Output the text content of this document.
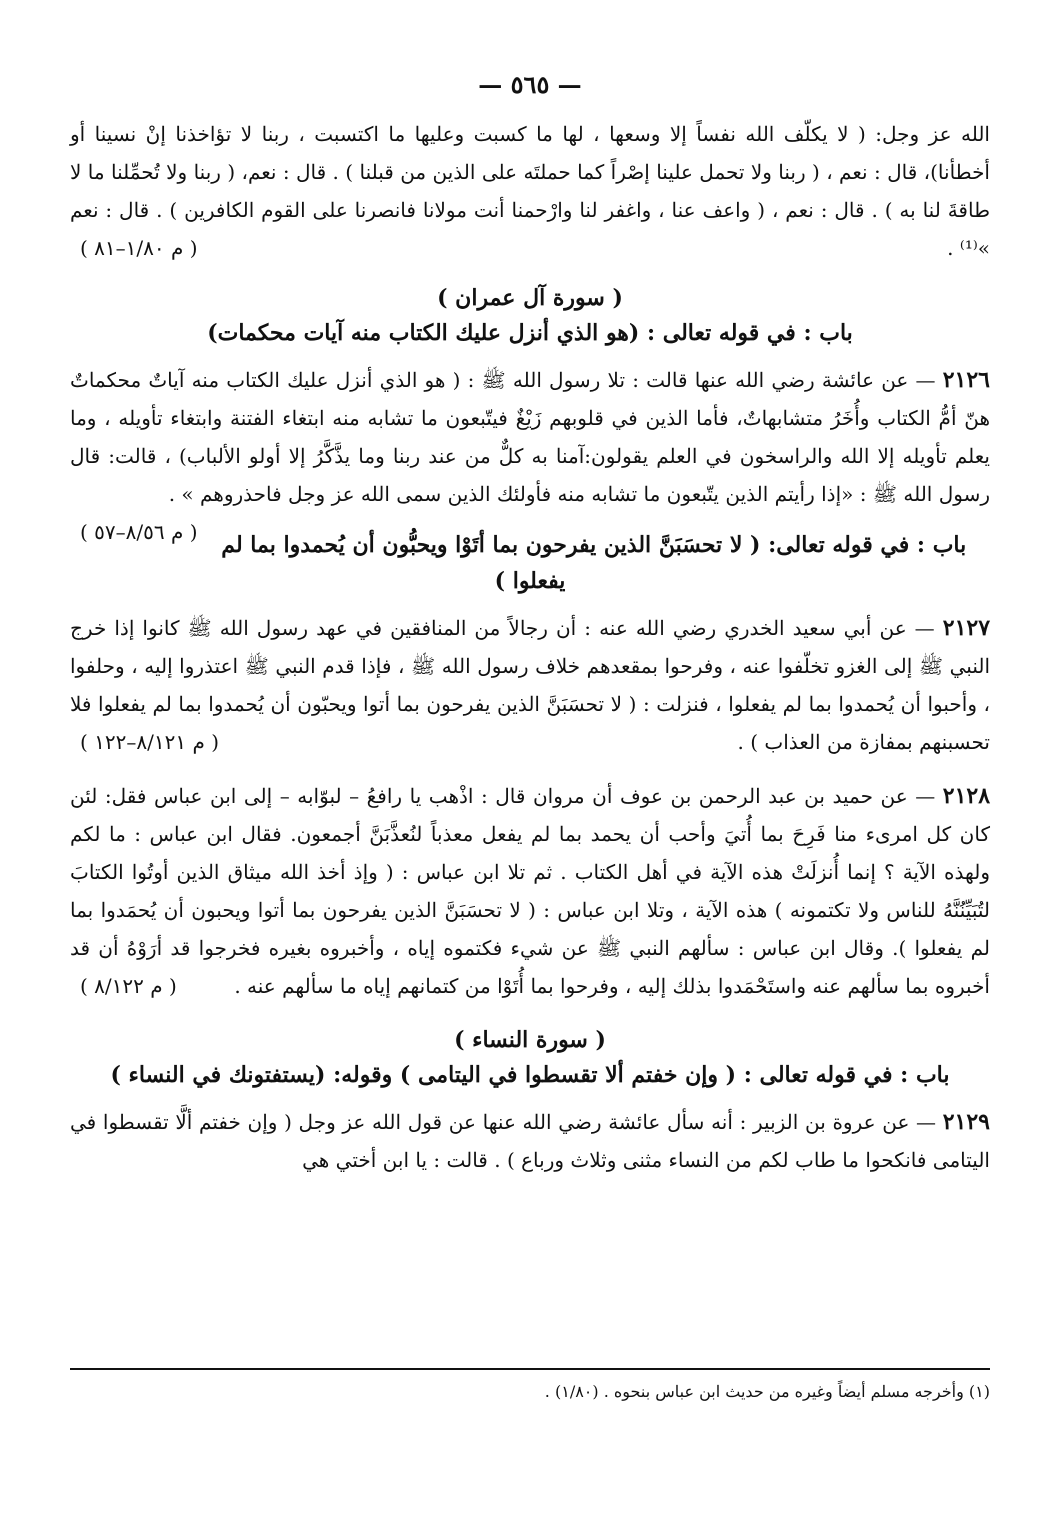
— ٥٦٥ —

الله عز وجل: ( لا يكلّف الله نفساً إلا وسعها ، لها ما كسبت وعليها ما اكتسبت ، ربنا لا تؤاخذنا إنْ نسينا أو أخطأنا)، قال : نعم ، ( ربنا ولا تحمل علينا إصْراً كما حملتَه على الذين من قبلنا ) . قال : نعم، ( ربنا ولا تُحمِّلنا ما لا طاقةَ لنا به ) . قال : نعم ، ( واعف عنا ، واغفر لنا وارْحمنا أنت مولانا فانصرنا على القوم الكافرين ) . قال : نعم »⁽¹⁾ .
( م ١/٨٠–٨١ )

( سورة آل عمران )
باب : في قوله تعالى : (هو الذي أنزل عليك الكتاب منه آيات محكمات)

٢١٢٦ — عن عائشة رضي الله عنها قالت : تلا رسول الله ﷺ : ( هو الذي أنزل عليك الكتاب منه آياتٌ محكماتٌ هنّ أمُّ الكتاب وأُخَرُ متشابهاتٌ، فأما الذين في قلوبهم زَيْغٌ فيتّبعون ما تشابه منه ابتغاء الفتنة وابتغاء تأويله ، وما يعلم تأويله إلا الله والراسخون في العلم يقولون:آمنا به كلٌّ من عند ربنا وما يذَّكَّرُ إلا أولو الألباب) ، قالت: قال رسول الله ﷺ : «إذا رأيتم الذين يتّبعون ما تشابه منه فأولئك الذين سمى الله عز وجل فاحذروهم » .
( م ٨/٥٦–٥٧ )	باب : في قوله تعالى: ( لا تحسَبَنَّ الذين يفرحون بما أتَوْا ويحبُّون أن يُحمدوا بما لم يفعلوا )

٢١٢٧ — عن أبي سعيد الخدري رضي الله عنه : أن رجالاً من المنافقين في عهد رسول الله ﷺ كانوا إذا خرج النبي ﷺ إلى الغزو تخلّفوا عنه ، وفرحوا بمقعدهم خلاف رسول الله ﷺ ، فإذا قدم النبي ﷺ اعتذروا إليه ، وحلفوا ، وأحبوا أن يُحمدوا بما لم يفعلوا ، فنزلت : ( لا تحسَبَنَّ الذين يفرحون بما أتوا ويحبّون أن يُحمدوا بما لم يفعلوا فلا تحسبنهم بمفازة من العذاب ) .
( م ٨/١٢١–١٢٢ )

٢١٢٨ — عن حميد بن عبد الرحمن بن عوف أن مروان قال : اذْهب يا رافعُ – لبوّابه – إلى ابن عباس فقل: لئن كان كل امرىء منا فَرِحَ بما أُتيَ وأحب أن يحمد بما لم يفعل معذباً لنُعذَّبَنَّ أجمعون. فقال ابن عباس : ما لكم ولهذه الآية ؟ إنما أُنزلَتْ هذه الآية في أهل الكتاب . ثم تلا ابن عباس : ( وإذ أخذ الله ميثاق الذين أوتُوا الكتابَ لتُبَيِّنُنَّهُ للناس ولا تكتمونه ) هذه الآية ، وتلا ابن عباس : ( لا تحسَبَنَّ الذين يفرحون بما أتوا ويحبون أن يُحمَدوا بما لم يفعلوا ). وقال ابن عباس : سألهم النبي ﷺ عن شيء فكتموه إياه ، وأخبروه بغيره فخرجوا قد أرَوْهُ أن قد أخبروه بما سألهم عنه واستَحْمَدوا بذلك إليه ، وفرحوا بما أُتَوْا من كتمانهم إياه ما سألهم عنه .
( م ٨/١٢٢ )

( سورة النساء )
باب : في قوله تعالى : ( وإن خفتم ألا تقسطوا في اليتامى ) وقوله: (يستفتونك في النساء )

٢١٢٩ — عن عروة بن الزبير : أنه سأل عائشة رضي الله عنها عن قول الله عز وجل ( وإن خفتم ألَّا تقسطوا في اليتامى فانكحوا ما طاب لكم من النساء مثنى وثلاث ورباع ) . قالت : يا ابن أختي هي

(١) وأخرجه مسلم أيضاً وغيره من حديث ابن عباس بنحوه . (١/٨٠) .
